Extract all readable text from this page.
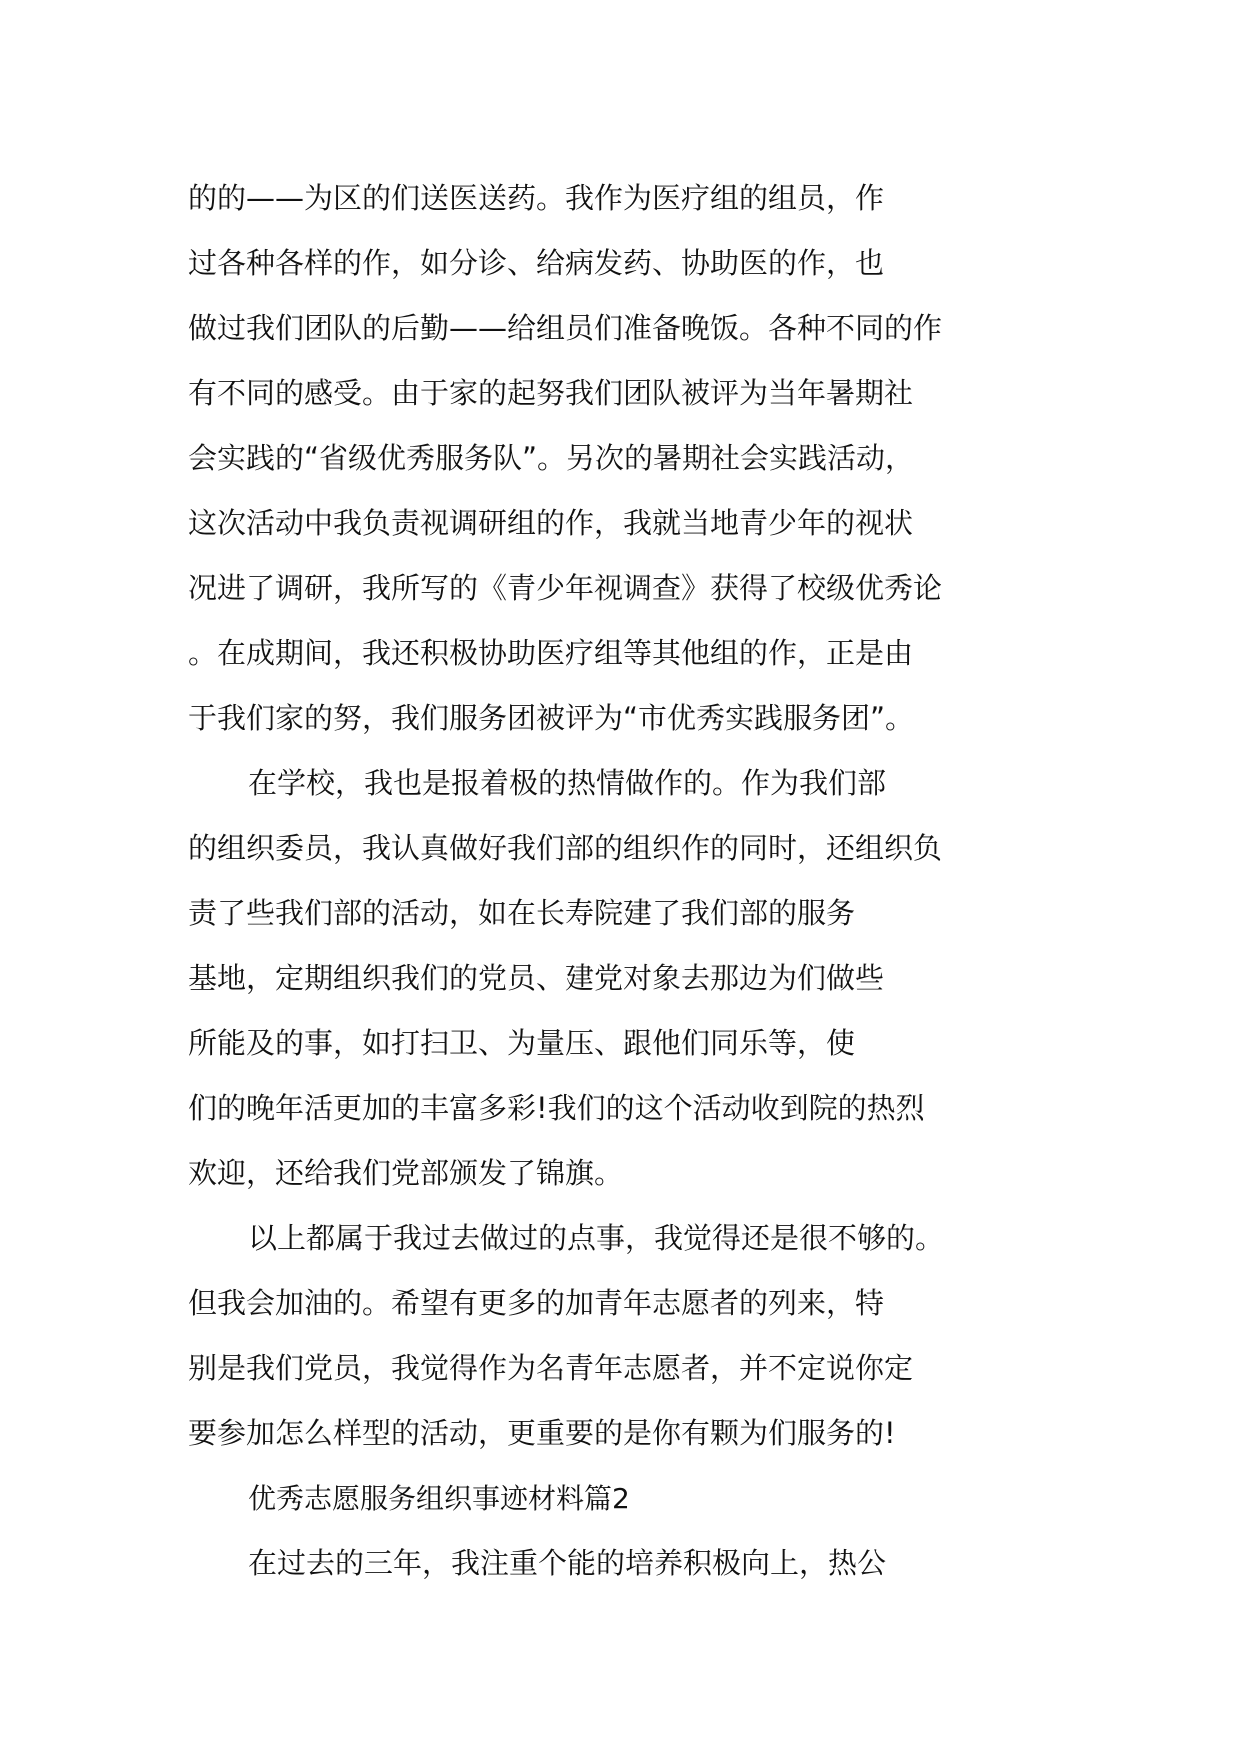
的的——为区的们送医送药。我作为医疗组的组员，作
过各种各样的作，如分诊、给病发药、协助医的作，也
做过我们团队的后勤——给组员们准备晚饭。各种不同的作
有不同的感受。由于家的起努我们团队被评为当年暑期社
会实践的“省级优秀服务队”。另次的暑期社会实践活动，
这次活动中我负责视调研组的作，我就当地青少年的视状
况进了调研，我所写的《青少年视调查》获得了校级优秀论
。在成期间，我还积极协助医疗组等其他组的作，正是由
于我们家的努，我们服务团被评为“市优秀实践服务团”。
在学校，我也是报着极的热情做作的。作为我们部
的组织委员，我认真做好我们部的组织作的同时，还组织负
责了些我们部的活动，如在长寿院建了我们部的服务
基地，定期组织我们的党员、建党对象去那边为们做些
所能及的事，如打扫卫、为量压、跟他们同乐等，使
们的晚年活更加的丰富多彩!我们的这个活动收到院的热烈
欢迎，还给我们党部颁发了锦旗。
以上都属于我过去做过的点事，我觉得还是很不够的。
但我会加油的。希望有更多的加青年志愿者的列来，特
别是我们党员，我觉得作为名青年志愿者，并不定说你定
要参加怎么样型的活动，更重要的是你有颗为们服务的!
优秀志愿服务组织事迹材料篇2
在过去的三年，我注重个能的培养积极向上，热公
